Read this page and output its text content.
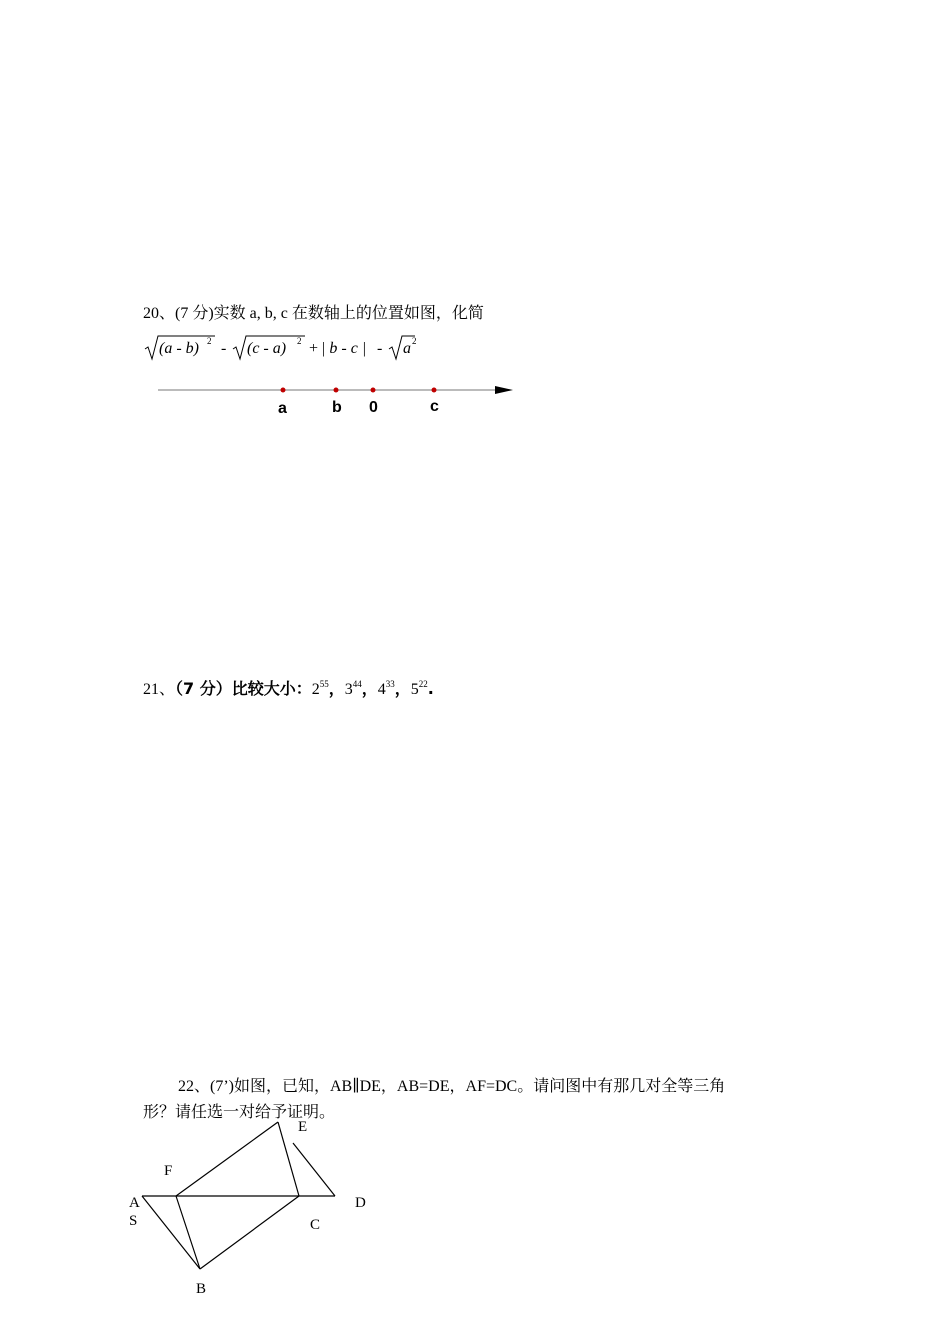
20、(7 分)实数 a, b, c 在数轴上的位置如图，化简
(a - b) 2 - (c - a) 2 + | b - c | - a 2
a	b 0	c
21、（7 分）比较大小：$2^{55}$，$3^{44}$，$4^{33}$，$5^{22}$.
22、(7’)如图，已知，AB∥DE，AB=DE，AF=DC。请问图中有那几对全等三角
形？请任选一对给予证明。
F
A
S
B
C
D
E
